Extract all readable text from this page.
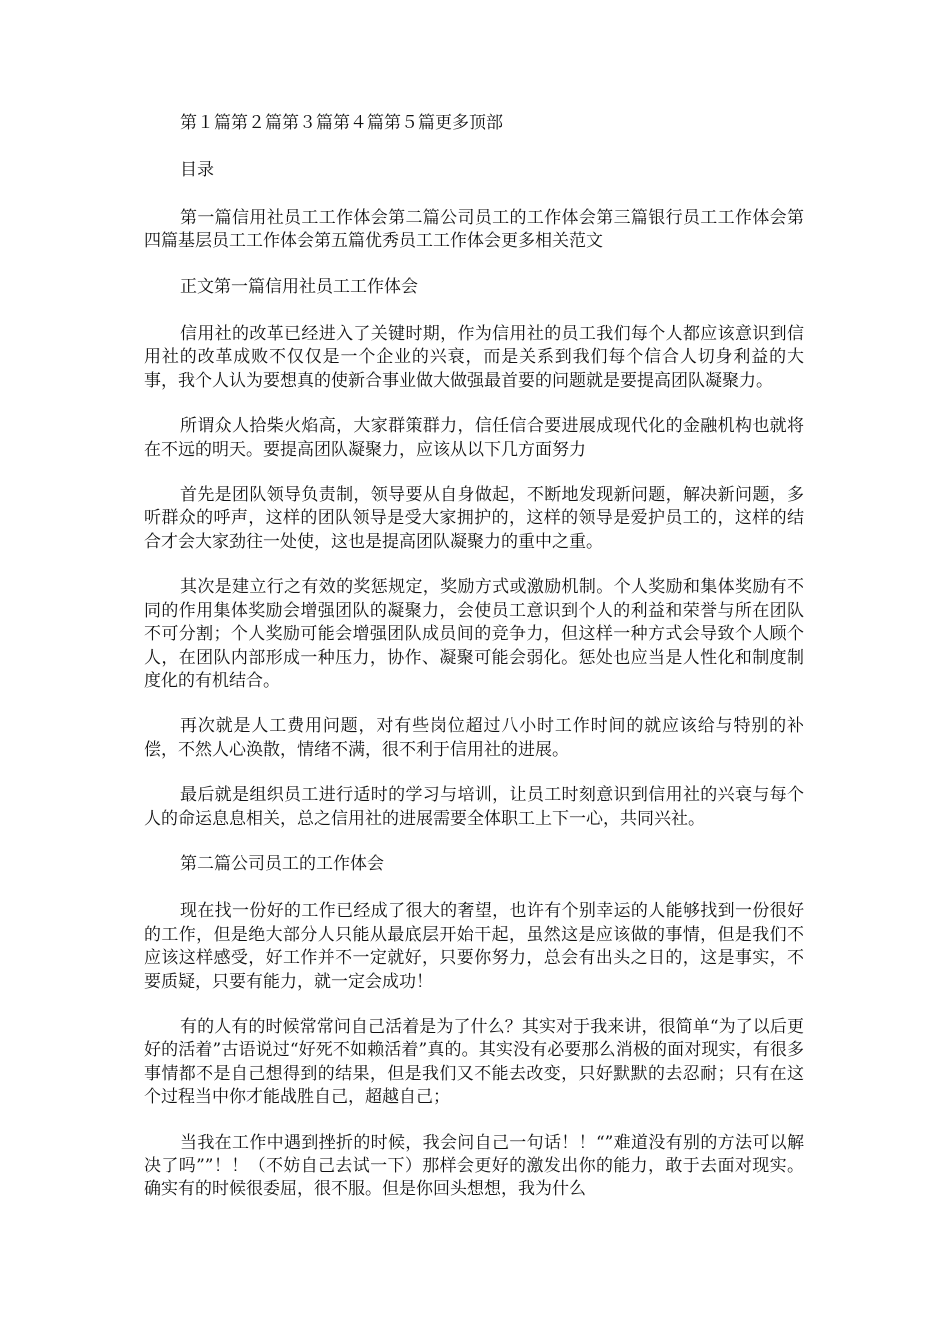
第１篇第２篇第３篇第４篇第５篇更多顶部

目录

第一篇信用社员工工作体会第二篇公司员工的工作体会第三篇银行员工工作体会第四篇基层员工工作体会第五篇优秀员工工作体会更多相关范文

正文第一篇信用社员工工作体会

信用社的改革已经进入了关键时期，作为信用社的员工我们每个人都应该意识到信用社的改革成败不仅仅是一个企业的兴衰，而是关系到我们每个信合人切身利益的大事，我个人认为要想真的使新合事业做大做强最首要的问题就是要提高团队凝聚力。

所谓众人拾柴火焰高，大家群策群力，信任信合要进展成现代化的金融机构也就将在不远的明天。要提高团队凝聚力，应该从以下几方面努力

首先是团队领导负责制，领导要从自身做起，不断地发现新问题，解决新问题，多听群众的呼声，这样的团队领导是受大家拥护的，这样的领导是爱护员工的，这样的结合才会大家劲往一处使，这也是提高团队凝聚力的重中之重。

其次是建立行之有效的奖惩规定，奖励方式或激励机制。个人奖励和集体奖励有不同的作用集体奖励会增强团队的凝聚力，会使员工意识到个人的利益和荣誉与所在团队不可分割；个人奖励可能会增强团队成员间的竞争力，但这样一种方式会导致个人顾个人，在团队内部形成一种压力，协作、凝聚可能会弱化。惩处也应当是人性化和制度制度化的有机结合。

再次就是人工费用问题，对有些岗位超过八小时工作时间的就应该给与特别的补偿，不然人心涣散，情绪不满，很不利于信用社的进展。

最后就是组织员工进行适时的学习与培训，让员工时刻意识到信用社的兴衰与每个人的命运息息相关，总之信用社的进展需要全体职工上下一心，共同兴社。

第二篇公司员工的工作体会

现在找一份好的工作已经成了很大的奢望，也许有个别幸运的人能够找到一份很好的工作，但是绝大部分人只能从最底层开始干起，虽然这是应该做的事情，但是我们不应该这样感受，好工作并不一定就好，只要你努力，总会有出头之日的，这是事实，不要质疑，只要有能力，就一定会成功！

有的人有的时候常常问自己活着是为了什么？其实对于我来讲，很简单“为了以后更好的活着”古语说过“好死不如赖活着”真的。其实没有必要那么消极的面对现实，有很多事情都不是自己想得到的结果，但是我们又不能去改变，只好默默的去忍耐；只有在这个过程当中你才能战胜自己，超越自己；

当我在工作中遇到挫折的时候，我会问自己一句话！！“”难道没有别的方法可以解决了吗””！！（不妨自己去试一下）那样会更好的激发出你的能力，敢于去面对现实。确实有的时候很委屈，很不服。但是你回头想想，我为什么
